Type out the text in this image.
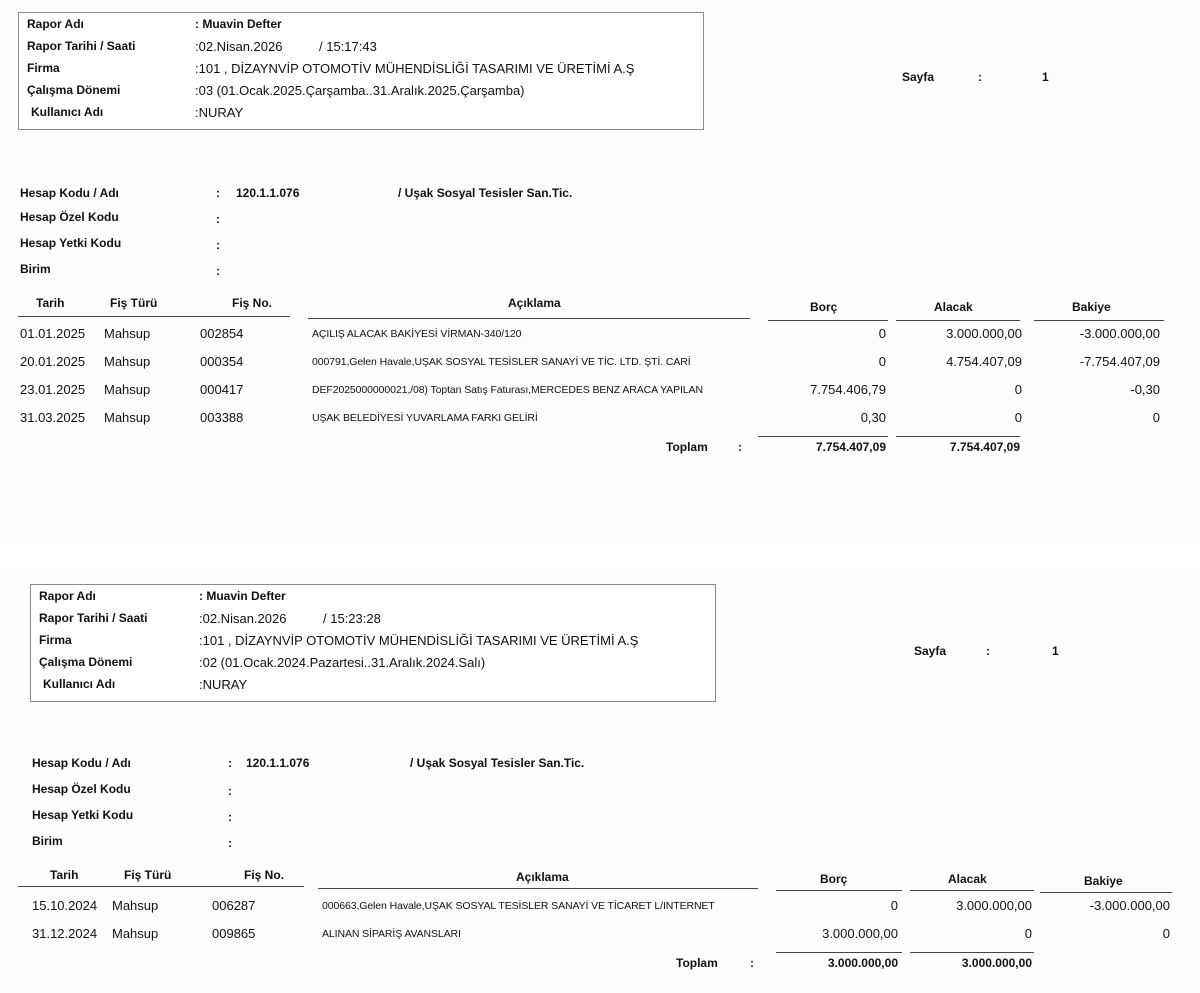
Rapor Adı	: Muavin Defter
Rapor Tarihi / Saati	:02.Nisan.2026	/ 15:17:43
Firma	:101 , DİZAYNVİP OTOMOTİV MÜHENDİSLİĞİ TASARIMI VE ÜRETİMİ A.Ş
Çalışma Dönemi	:03 (01.Ocak.2025.Çarşamba..31.Aralık.2025.Çarşamba)
Kullanıcı Adı	:NURAY
Sayfa	:	1
Hesap Kodu / Adı	: 120.1.1.076	/ Uşak Sosyal Tesisler San.Tic.
Hesap Özel Kodu	:
Hesap Yetki Kodu	:
Birim	:
Tarih	Fiş Türü	Fiş No.	Açıklama	Borç	Alacak	Bakiye
01.01.2025 Mahsup	002854	AÇILIŞ ALACAK BAKİYESİ VİRMAN-340/120	0	3.000.000,00	-3.000.000,00
20.01.2025 Mahsup	000354	000791,Gelen Havale,UŞAK SOSYAL TESİSLER SANAYİ VE TİC. LTD. ŞTİ. CARİ	0	4.754.407,09	-7.754.407,09
23.01.2025 Mahsup	000417	DEF2025000000021,/08) Toptan Satış Faturası,MERCEDES BENZ ARACA YAPILAN	7.754.406,79	0	-0,30
31.03.2025 Mahsup	003388	UŞAK BELEDİYESİ YUVARLAMA FARKI GELİRİ	0,30	0	0
Toplam	:	7.754.407,09	7.754.407,09
Rapor Adı	: Muavin Defter
Rapor Tarihi / Saati	:02.Nisan.2026	/ 15:23:28
Firma	:101 , DİZAYNVİP OTOMOTİV MÜHENDİSLİĞİ TASARIMI VE ÜRETİMİ A.Ş
Çalışma Dönemi	:02 (01.Ocak.2024.Pazartesi..31.Aralık.2024.Salı)
Kullanıcı Adı	:NURAY
Sayfa	:	1
Hesap Kodu / Adı	: 120.1.1.076	/ Uşak Sosyal Tesisler San.Tic.
Hesap Özel Kodu	:
Hesap Yetki Kodu	:
Birim	:
Tarih	Fiş Türü	Fiş No.	Açıklama	Borç	Alacak	Bakiye
15.10.2024 Mahsup	006287	000663,Gelen Havale,UŞAK SOSYAL TESİSLER SANAYİ VE TİCARET L/INTERNET	0	3.000.000,00	-3.000.000,00
31.12.2024 Mahsup	009865	ALINAN SİPARİŞ AVANSLARI	3.000.000,00	0	0
Toplam	:	3.000.000,00	3.000.000,00
